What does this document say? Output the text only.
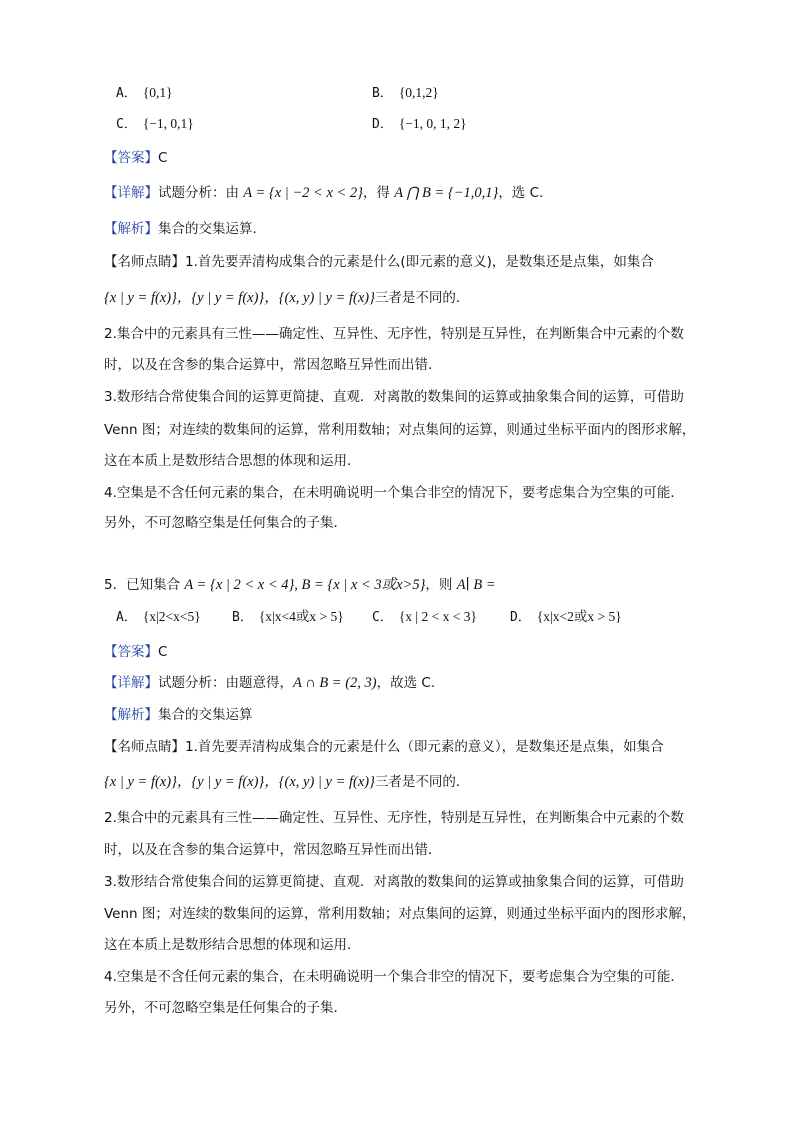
A． {0,1}	B． {0,1,2}
C． {−1, 0,1}	D． {−1, 0, 1, 2}
【答案】C
【详解】试题分析：由 A = {x | −2 < x < 2}，得 A ⋂ B = {−1,0,1}，选 C.
【解析】集合的交集运算.
【名师点睛】1.首先要弄清构成集合的元素是什么(即元素的意义)，是数集还是点集，如集合
{x | y = f(x)}，{y | y = f(x)}，{(x, y) | y = f(x)}三者是不同的．
2.集合中的元素具有三性——确定性、互异性、无序性，特别是互异性，在判断集合中元素的个数
时，以及在含参的集合运算中，常因忽略互异性而出错．
3.数形结合常使集合间的运算更简捷、直观．对离散的数集间的运算或抽象集合间的运算，可借助
Venn 图；对连续的数集间的运算，常利用数轴；对点集间的运算，则通过坐标平面内的图形求解，
这在本质上是数形结合思想的体现和运用．
4.空集是不含任何元素的集合，在未明确说明一个集合非空的情况下，要考虑集合为空集的可能．
另外，不可忽略空集是任何集合的子集．
5．已知集合 A = {x | 2 < x < 4}, B = {x | x < 3或x>5}，则 A∣ B =
A． {x|2<x<5} B． {x|x<4或x > 5} C． {x | 2 < x < 3}	D． {x|x<2或x > 5}
【答案】C
【详解】试题分析：由题意得，A ∩ B = (2, 3)，故选 C.
【解析】集合的交集运算
【名师点睛】1.首先要弄清构成集合的元素是什么（即元素的意义），是数集还是点集，如集合
{x | y = f(x)}，{y | y = f(x)}，{(x, y) | y = f(x)}三者是不同的．
2.集合中的元素具有三性——确定性、互异性、无序性，特别是互异性，在判断集合中元素的个数
时，以及在含参的集合运算中，常因忽略互异性而出错．
3.数形结合常使集合间的运算更简捷、直观．对离散的数集间的运算或抽象集合间的运算，可借助
Venn 图；对连续的数集间的运算，常利用数轴；对点集间的运算，则通过坐标平面内的图形求解，
这在本质上是数形结合思想的体现和运用．
4.空集是不含任何元素的集合，在未明确说明一个集合非空的情况下，要考虑集合为空集的可能．
另外，不可忽略空集是任何集合的子集．
